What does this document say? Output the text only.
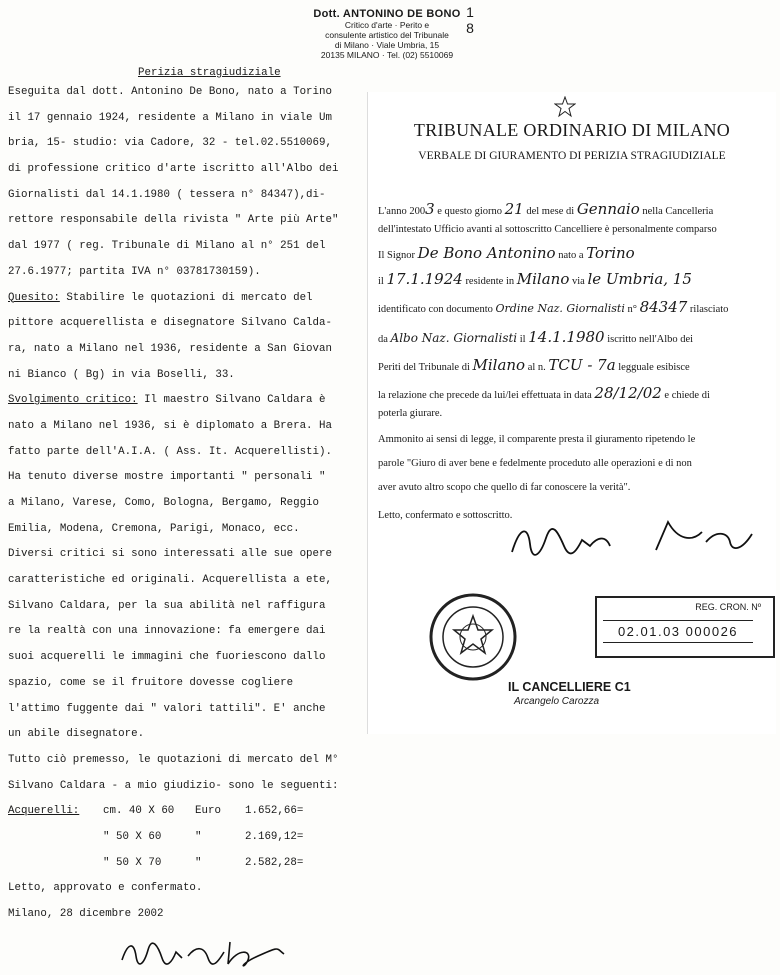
Dott. ANTONINO DE BONO
Critico d'arte · Perito e
consulente artistico del Tribunale
di Milano · Viale Umbria, 15
20135 MILANO · Tel. (02) 5510069
1 8
Perizia stragiudiziale
Eseguita dal dott. Antonino De Bono, nato a Torino
il 17 gennaio 1924, residente a Milano in viale Um
bria, 15- studio: via Cadore, 32 - tel.02.5510069,
di professione critico d'arte iscritto all'Albo dei
Giornalisti dal 14.1.1980 ( tessera n° 84347),di-
rettore responsabile della rivista " Arte più Arte"
dal 1977 ( reg. Tribunale di Milano al n° 251 del
27.6.1977; partita IVA n° 03781730159).
Quesito: Stabilire le quotazioni di mercato del
pittore acquerellista e disegnatore Silvano Calda-
ra, nato a Milano nel 1936, residente a San Giovan
ni Bianco ( Bg) in via Boselli, 33.
Svolgimento critico: Il maestro Silvano Caldara è
nato a Milano nel 1936, si è diplomato a Brera. Ha
fatto parte dell'A.I.A. ( Ass. It. Acquerellisti).
Ha tenuto diverse mostre importanti " personali "
a Milano, Varese, Como, Bologna, Bergamo, Reggio
Emilia, Modena, Cremona, Parigi, Monaco, ecc.
Diversi critici si sono interessati alle sue opere
caratteristiche ed originali. Acquerellista a ete,
Silvano Caldara, per la sua abilità nel raffigura
re la realtà con una innovazione: fa emergere dai
suoi acquerelli le immagini che fuoriescono dallo
spazio, come se il fruitore dovesse cogliere
l'attimo fuggente dai " valori tattili". E' anche
un abile disegnatore.
Tutto ciò premesso, le quotazioni di mercato del M°
Silvano Caldara - a mio giudizio- sono le seguenti:
Acquerelli: cm. 40 X 60 Euro 1.652,66=
" 50 X 60	"	2.169,12=
" 50 X 70	"	2.582,28=
Letto, approvato e confermato.
Milano, 28 dicembre 2002
TRIBUNALE ORDINARIO DI MILANO
VERBALE DI GIURAMENTO DI PERIZIA STRAGIUDIZIALE
L'anno 2003 e questo giorno 21 del mese di Gennaio nella Cancelleria
dell'intestato Ufficio avanti al sottoscritto Cancelliere è personalmente comparso
Il Signor De Bono Antonino nato a Torino
il 17.1.1924 residente in Milano via le Umbria, 15
identificato con documento Ordine Naz. Giornalisti n° 84347 rilasciato
da Albo Naz. Giornalisti il 14.1.1980 iscritto nell'Albo dei
Periti del Tribunale di Milano al n. TCU - 7a legguale esibisce
la relazione che precede da lui/lei effettuata in data 28/12/02 e chiede di
poterla giurare.
Ammonito ai sensi di legge, il comparente presta il giuramento ripetendo le
parole "Giuro di aver bene e fedelmente proceduto alle operazioni e di non
aver avuto altro scopo che quello di far conoscere la verità".
Letto, confermato e sottoscritto.
REG. CRON. Nº
02.01.03 000026
IL CANCELLIERE C1
Arcangelo Carozza
